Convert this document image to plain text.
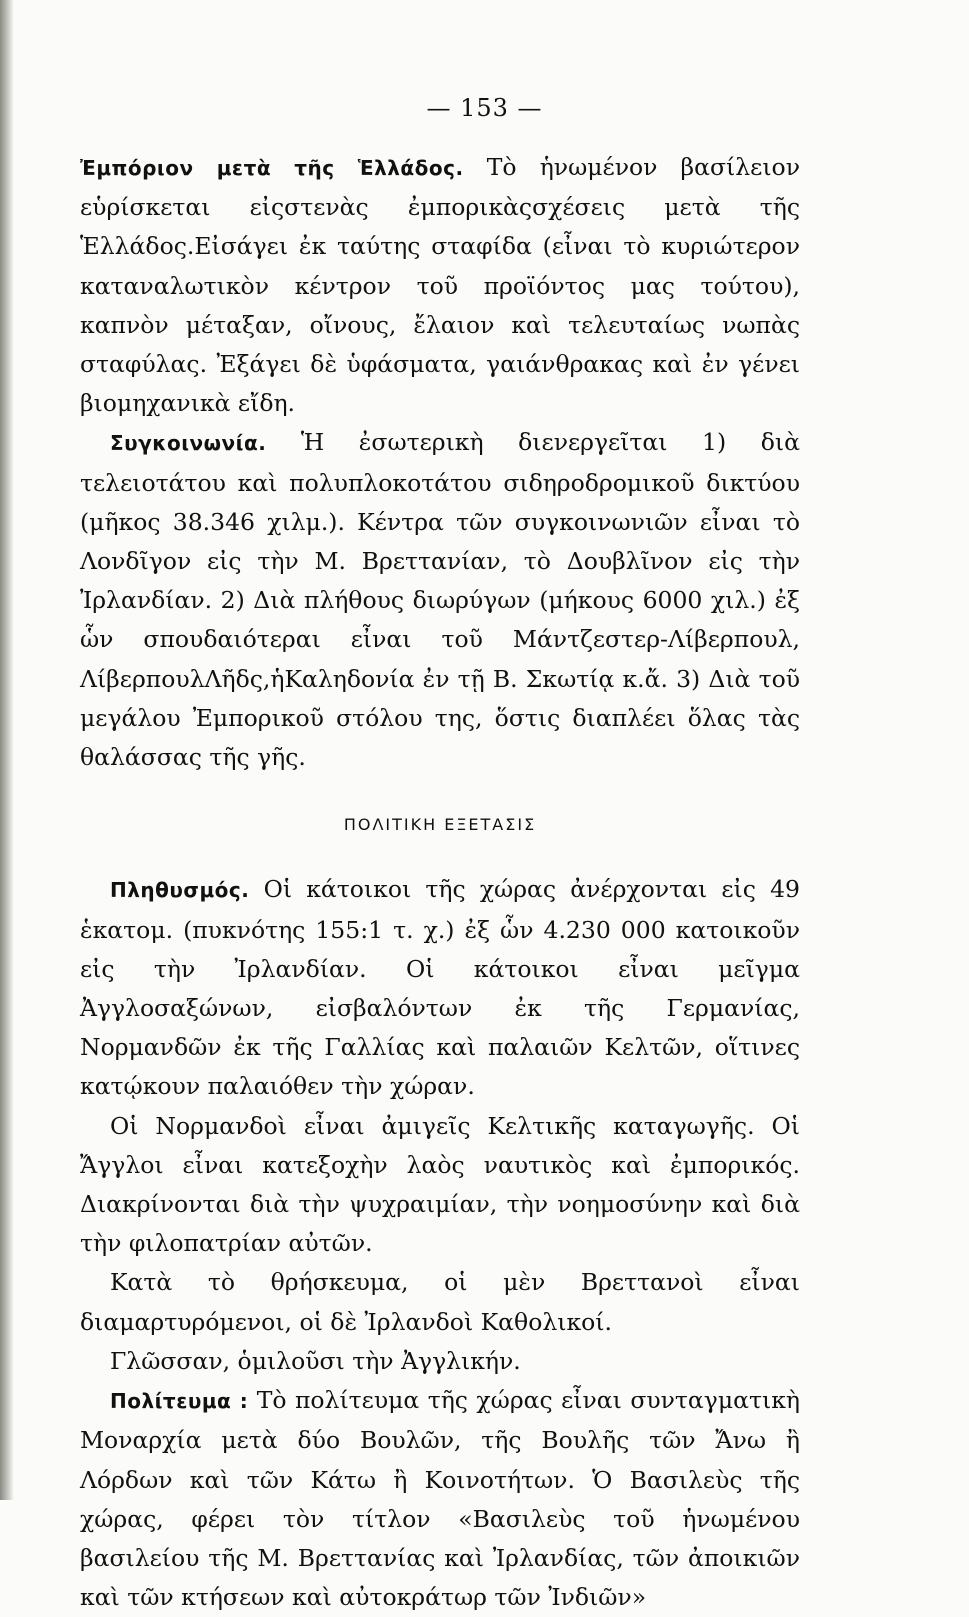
— 153 —

Ἐμπόριον μετὰ τῆς Ἑλλάδος. Τὸ ἡνωμένον βασίλειον εὑρίσκεται εἰςστενὰς ἐμπορικὰςσχέσεις μετὰ τῆς Ἑλλάδος.Εἰσάγει ἐκ ταύτης σταφίδα (εἶναι τὸ κυριώτερον καταναλωτικὸν κέντρον τοῦ προϊόντος μας τούτου), καπνὸν μέταξαν, οἴνους, ἔλαιον καὶ τελευταίως νωπὰς σταφύλας. Ἐξάγει δὲ ὑφάσματα, γαιάνθρακας καὶ ἐν γένει βιομηχανικὰ εἴδη.

Συγκοινωνία. Ἡ ἐσωτερικὴ διενεργεῖται 1) διὰ τελειοτάτου καὶ πολυπλοκοτάτου σιδηροδρομικοῦ δικτύου (μῆκος 38.346 χιλμ.). Κέντρα τῶν συγκοινωνιῶν εἶναι τὸ Λονδῖγον εἰς τὴν Μ. Βρεττανίαν, τὸ Δουβλῖνον εἰς τὴν Ἰρλανδίαν. 2) Διὰ πλήθους διωρύγων (μήκους 6000 χιλ.) ἐξ ὧν σπουδαιότεραι εἶναι τοῦ Μάντζεστερ-Λίβερπουλ, ΛίβερπουλΛῆδς,ἡΚαληδονία ἐν τῇ Β. Σκωτίᾳ κ.ἄ. 3) Διὰ τοῦ μεγάλου Ἐμπορικοῦ στόλου της, ὅστις διαπλέει ὅλας τὰς θαλάσσας τῆς γῆς.

ΠΟΛΙΤΙΚΗ ΕΞΕΤΑΣΙΣ

Πληθυσμός. Οἱ κάτοικοι τῆς χώρας ἀνέρχονται εἰς 49 ἑκατομ. (πυκνότης 155:1 τ. χ.) ἐξ ὧν 4.230 000 κατοικοῦν εἰς τὴν Ἰρλανδίαν. Οἱ κάτοικοι εἶναι μεῖγμα Ἀγγλοσαξώνων, εἰσβαλόντων ἐκ τῆς Γερμανίας, Νορμανδῶν ἐκ τῆς Γαλλίας καὶ παλαιῶν Κελτῶν, οἵτινες κατῴκουν παλαιόθεν τὴν χώραν.

Οἱ Νορμανδοὶ εἶναι ἀμιγεῖς Κελτικῆς καταγωγῆς. Οἱ Ἄγγλοι εἶναι κατεξοχὴν λαὸς ναυτικὸς καὶ ἐμπορικός. Διακρίνονται διὰ τὴν ψυχραιμίαν, τὴν νοημοσύνην καὶ διὰ τὴν φιλοπατρίαν αὐτῶν.

Κατὰ τὸ θρήσκευμα, οἱ μὲν Βρεττανοὶ εἶναι διαμαρτυρόμενοι, οἱ δὲ Ἰρλανδοὶ Καθολικοί.

Γλῶσσαν, ὁμιλοῦσι τὴν Ἀγγλικήν.

Πολίτευμα : Τὸ πολίτευμα τῆς χώρας εἶναι συνταγματικὴ Μοναρχία μετὰ δύο Βουλῶν, τῆς Βουλῆς τῶν Ἄνω ἢ Λόρδων καὶ τῶν Κάτω ἢ Κοινοτήτων. Ὁ Βασιλεὺς τῆς χώρας, φέρει τὸν τίτλον «Βασιλεὺς τοῦ ἡνωμένου βασιλείου τῆς Μ. Βρεττανίας καὶ Ἰρλανδίας, τῶν ἀποικιῶν καὶ τῶν κτήσεων καὶ αὐτοκράτωρ τῶν Ἰνδιῶν»
